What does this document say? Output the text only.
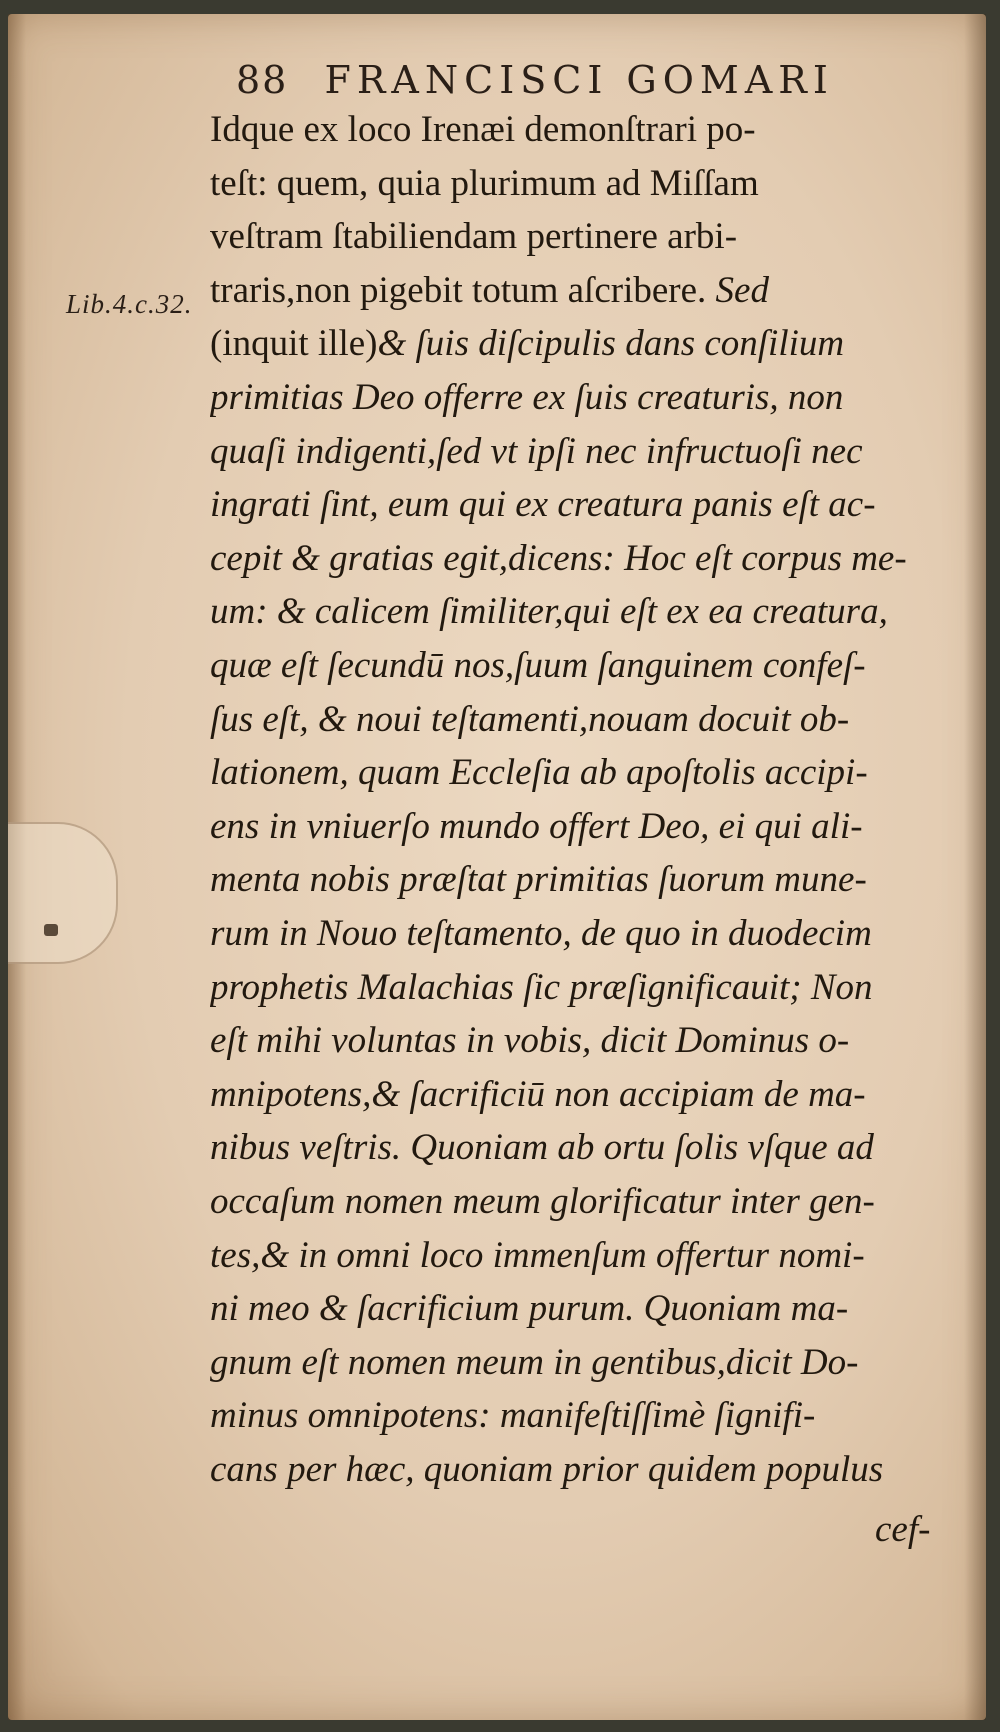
88 FRANCISCI GOMARI
Lib.4.c.32.
Idque ex loco Irenæi demonſtrari po-
teſt: quem, quia plurimum ad Miſſam
veſtram ſtabiliendam pertinere arbi-
traris,non pigebit totum aſcribere. Sed
(inquit ille)& ſuis diſcipulis dans conſilium
primitias Deo offerre ex ſuis creaturis, non
quaſi indigenti,ſed vt ipſi nec infructuoſi nec
ingrati ſint, eum qui ex creatura panis eſt ac-
cepit & gratias egit,dicens: Hoc eſt corpus me-
um: & calicem ſimiliter,qui eſt ex ea creatura,
quæ eſt ſecundū nos,ſuum ſanguinem confeſ-
ſus eſt, & noui teſtamenti,nouam docuit ob-
lationem, quam Eccleſia ab apoſtolis accipi-
ens in vniuerſo mundo offert Deo, ei qui ali-
menta nobis præſtat primitias ſuorum mune-
rum in Nouo teſtamento, de quo in duodecim
prophetis Malachias ſic præſignificauit; Non
eſt mihi voluntas in vobis, dicit Dominus o-
mnipotens,& ſacrificiū non accipiam de ma-
nibus veſtris. Quoniam ab ortu ſolis vſque ad
occaſum nomen meum glorificatur inter gen-
tes,& in omni loco immenſum offertur nomi-
ni meo & ſacrificium purum. Quoniam ma-
gnum eſt nomen meum in gentibus,dicit Do-
minus omnipotens: manifeſtiſſimè ſignifi-
cans per hæc, quoniam prior quidem populus
cef-
